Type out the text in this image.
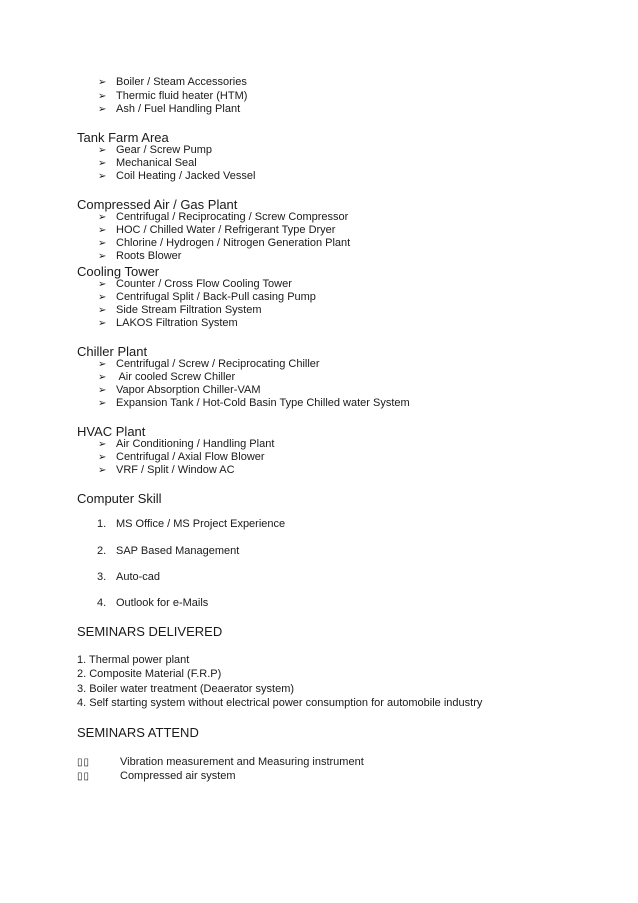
➢ Boiler / Steam Accessories
➢ Thermic fluid heater (HTM)
➢ Ash / Fuel Handling Plant
Tank Farm Area
➢ Gear / Screw Pump
➢ Mechanical Seal
➢ Coil Heating / Jacked Vessel
Compressed Air / Gas Plant
➢ Centrifugal / Reciprocating / Screw Compressor
➢ HOC / Chilled Water / Refrigerant Type Dryer
➢ Chlorine / Hydrogen / Nitrogen Generation Plant
➢ Roots Blower
Cooling Tower
➢ Counter / Cross Flow Cooling Tower
➢ Centrifugal Split / Back-Pull casing Pump
➢ Side Stream Filtration System
➢ LAKOS Filtration System
Chiller Plant
➢ Centrifugal / Screw / Reciprocating Chiller
➢ Air cooled Screw Chiller
➢ Vapor Absorption Chiller-VAM
➢ Expansion Tank / Hot-Cold Basin Type Chilled water System
HVAC Plant
➢ Air Conditioning / Handling Plant
➢ Centrifugal / Axial Flow Blower
➢ VRF / Split / Window AC
Computer Skill
1. MS Office / MS Project Experience
2. SAP Based Management
3. Auto-cad
4. Outlook for e-Mails
SEMINARS DELIVERED
1. Thermal power plant
2. Composite Material (F.R.P)
3. Boiler water treatment (Deaerator system)
4. Self starting system without electrical power consumption for automobile industry
SEMINARS ATTEND
▯▯	Vibration measurement and Measuring instrument
▯▯	Compressed air system
